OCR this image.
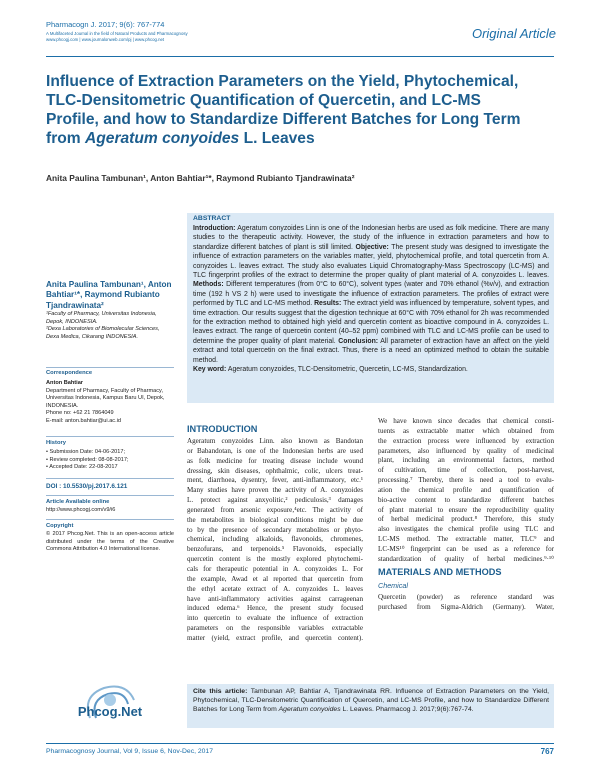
Pharmacogn J. 2017; 9(6): 767-774
A Multifaceted Journal in the field of Natural Products and Pharmacognosy
www.phcogj.com | www.journalonweb.com/pj | www.phcog.net	Original Article
Influence of Extraction Parameters on the Yield, Phytochemical,
TLC-Densitometric Quantification of Quercetin, and LC-MS
Profile, and how to Standardize Different Batches for Long Term
from Ageratum conyoides L. Leaves
Anita Paulina Tambunan¹, Anton Bahtiar¹*, Raymond Rubianto Tjandrawinata²
ABSTRACT
Introduction: Ageratum conyzoides Linn is one of the Indonesian herbs are used as folk medicine. There are many studies to the therapeutic activity. However, the study of the influence in extraction parameters and how to standardize different batches of plant is still limited. Objective: The present study was designed to investigate the influence of extraction parameters on the variables matter, yield, phytochemical profile, and total quercetin from A. conyzoides L. leaves extract. The study also evaluates Liquid Chromatography-Mass Spectroscopy (LC-MS) and TLC fingerprint profiles of the extract to determine the proper quality of plant material of A. conyzoides L. leaves. Methods: Different temperatures (from 0°C to 60°C), solvent types (water and 70% ethanol (%v/v), and extraction time (192 h VS 2 h) were used to investigate the influence of extraction parameters. The profiles of extract were performed by TLC and LC-MS method. Results: The extract yield was influenced by temperature, solvent types, and time extraction. Our results suggest that the digestion technique at 60°C with 70% ethanol for 2h was recommended for the extraction method to obtained high yield and quercetin content as bioactive compound in A. conyzoides L. leaves extract. The range of quercetin content (40–52 ppm) combined with TLC and LC-MS profile can be used to determine the proper quality of plant material. Conclusion: All parameter of extraction have an affect on the yield extract and total quercetin on the final extract. Thus, there is a need an optimized method to obtain the suitable method.
Key word: Ageratum conyzoides, TLC-Densitometric, Quercetin, LC-MS, Standardization.
Anita Paulina Tambunan¹, Anton Bahtiar¹*, Raymond Rubianto Tjandrawinata²
¹Faculty of Pharmacy, Universitas Indonesia, Depok, INDONESIA.
²Dexa Laboratories of Biomolecular Sciences, Dexa Medica, Cikarang INDONESIA.
Correspondence
Anton Bahtiar
Department of Pharmacy, Faculty of Pharmacy, Universitas Indonesia, Kampus Baru UI, Depok, INDONESIA.
Phone no: +62 21 7864049
E-mail: anton.bahtiar@ui.ac.id
History
• Submission Date: 04-06-2017;
• Review completed: 08-08-2017;
• Accepted Date: 22-08-2017
DOI : 10.5530/pj.2017.6.121
Article Available online
http://www.phcogj.com/v9/i6
Copyright
© 2017 Phcog.Net. This is an open-access article distributed under the terms of the Creative Commons Attribution 4.0 International license.
Phcog.Net
INTRODUCTION
Ageratum conyzoides Linn. also known as Bandotan
or Babandotan, is one of the Indonesian herbs are used
as folk medicine for treating disease include wound
dressing, skin diseases, ophthalmic, colic, ulcers treat-
ment, diarrhoea, dysentry, fever, anti-inflammatory, etc.¹
Many studies have proven the activity of A. conyzoides
L. protect against anxyolitic,² pediculosis,³ damages
generated from arsenic exposure,⁴etc. The activity of
the metabolites in biological conditions might be due
to by the presence of secondary metabolites or phyto-
chemical, including alkaloids, flavonoids, chromenes,
benzofurans, and terpenoids.⁵ Flavonoids, especially
quercetin content is the mostly explored phytochemi-
cals for therapeutic potential in A. conyzoides L. For
the example, Awad et al reported that quercetin from
the ethyl acetate extract of A. conyzoides L. leaves
have anti-inflammatory activities against carrageenan
induced edema.⁶ Hence, the present study focused
into quercetin to evaluate the influence of extraction
parameters on the responsible variables extractable
matter (yield, extract profile, and quercetin content).
We have known since decades that chemical consti-
tuents as extractable matter which obtained from
the extraction process were influenced by extraction
parameters, also influenced by quality of medicinal
plant, including an environmental factors, method
of cultivation, time of collection, post-harvest,
processing.⁷ Thereby, there is need a tool to evalu-
ation the chemical profile and quantification of
bio-active content to standardize different batches
of plant material to ensure the reproducibility quality
of herbal medicinal product.⁸ Therefore, this study
also investigates the chemical profile using TLC and
LC-MS method. The extractable matter, TLC⁹ and
LC-MS¹⁰ fingerprint can be used as a reference for
standardization of quality of herbal medicines.⁹·¹⁰
MATERIALS AND METHODS
Chemical
Quercetin (powder) as reference standard was
purchased from Sigma-Aldrich (Germany). Water,
Cite this article: Tambunan AP, Bahtiar A, Tjandrawinata RR. Influence of Extraction Parameters on the Yield, Phytochemical, TLC-Densitometric Quantification of Quercetin, and LC-MS Profile, and how to Standardize Different Batches for Long Term from Ageratum conyoides L. Leaves. Pharmacog J. 2017;9(6):767-74.
Pharmacognosy Journal, Vol 9, Issue 6, Nov-Dec, 2017	767
